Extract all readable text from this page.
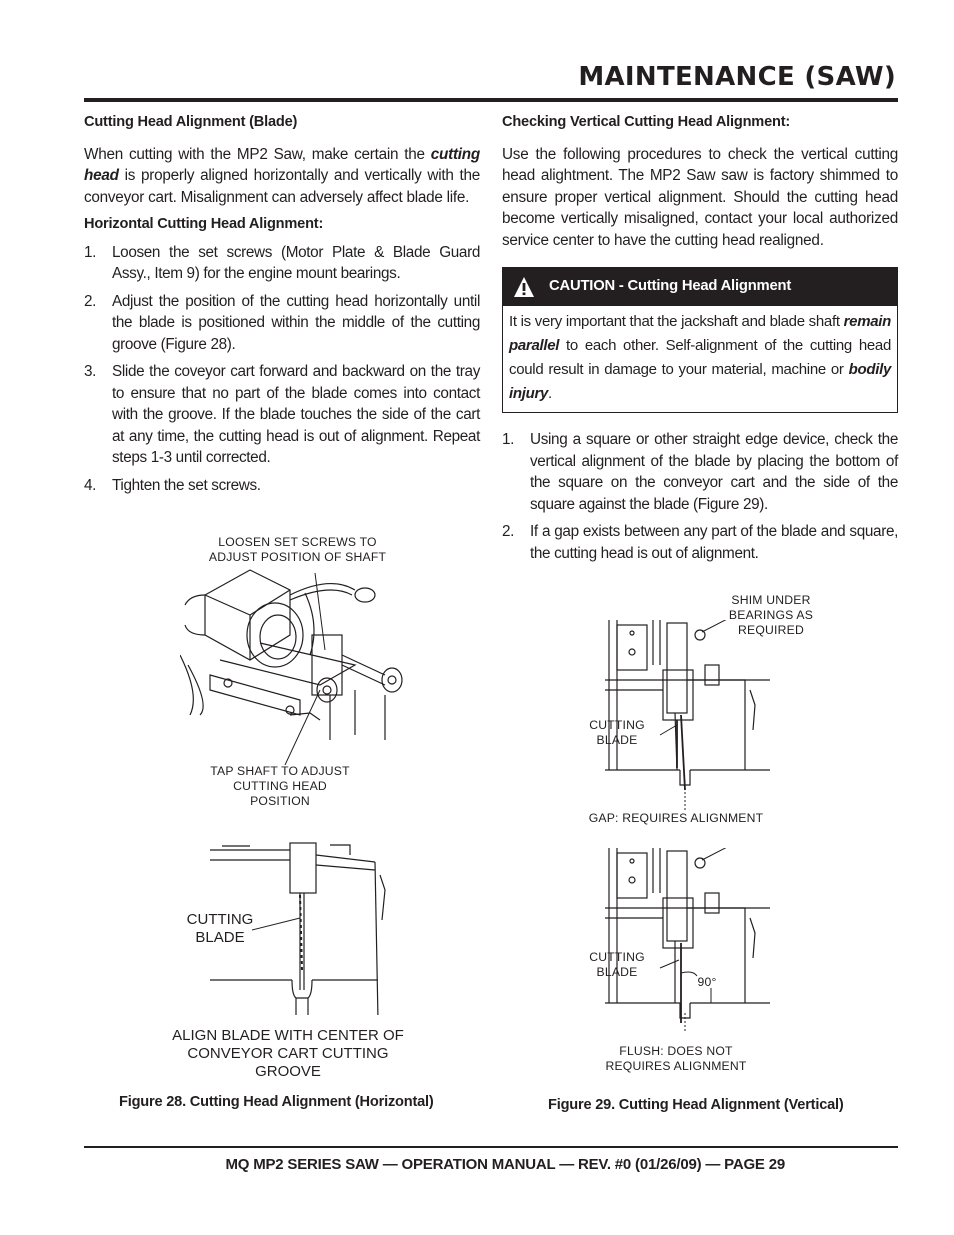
MAINTENANCE (SAW)
Cutting Head Alignment (Blade)
When cutting with the MP2 Saw, make certain the cutting head is properly aligned horizontally and vertically with the conveyor cart. Misalignment can adversely affect blade life.
Horizontal Cutting Head Alignment:
1. Loosen the set screws (Motor Plate & Blade Guard Assy., Item 9) for the engine mount bearings.
2. Adjust the position of the cutting head horizontally until the blade is positioned within the middle of the cutting groove (Figure 28).
3. Slide the coveyor cart forward and backward on the tray to ensure that no part of the blade comes into contact with the groove. If the blade touches the side of the cart at any time, the cutting head is out of alignment. Repeat steps 1-3 until corrected.
4. Tighten the set screws.
Checking Vertical Cutting Head Alignment:
Use the following procedures to check the vertical cutting head alightment. The MP2 Saw saw is factory shimmed to ensure proper vertical alignment. Should the cutting head become vertically misaligned, contact your local authorized service center to have the cutting head realigned.
CAUTION - Cutting Head Alignment
It is very important that the jackshaft and blade shaft remain parallel to each other. Self-alignment of the cutting head could result in damage to your material, machine or bodily injury.
1. Using a square or other straight edge device, check the vertical alignment of the blade by placing the bottom of the square on the conveyor cart and the side of the square against the blade (Figure 29).
2. If a gap exists between any part of the blade and square, the cutting head is out of alignment.
LOOSEN SET SCREWS TO ADJUST POSITION OF SHAFT
TAP SHAFT TO ADJUST CUTTING HEAD POSITION
CUTTING BLADE
ALIGN BLADE WITH CENTER OF CONVEYOR CART CUTTING GROOVE
Figure 28. Cutting Head Alignment (Horizontal)
SHIM UNDER BEARINGS AS REQUIRED
CUTTING BLADE
GAP: REQUIRES ALIGNMENT
CUTTING BLADE
90°
FLUSH: DOES NOT REQUIRES ALIGNMENT
Figure 29. Cutting Head Alignment (Vertical)
MQ MP2 SERIES SAW — OPERATION MANUAL — REV. #0 (01/26/09) — PAGE 29
